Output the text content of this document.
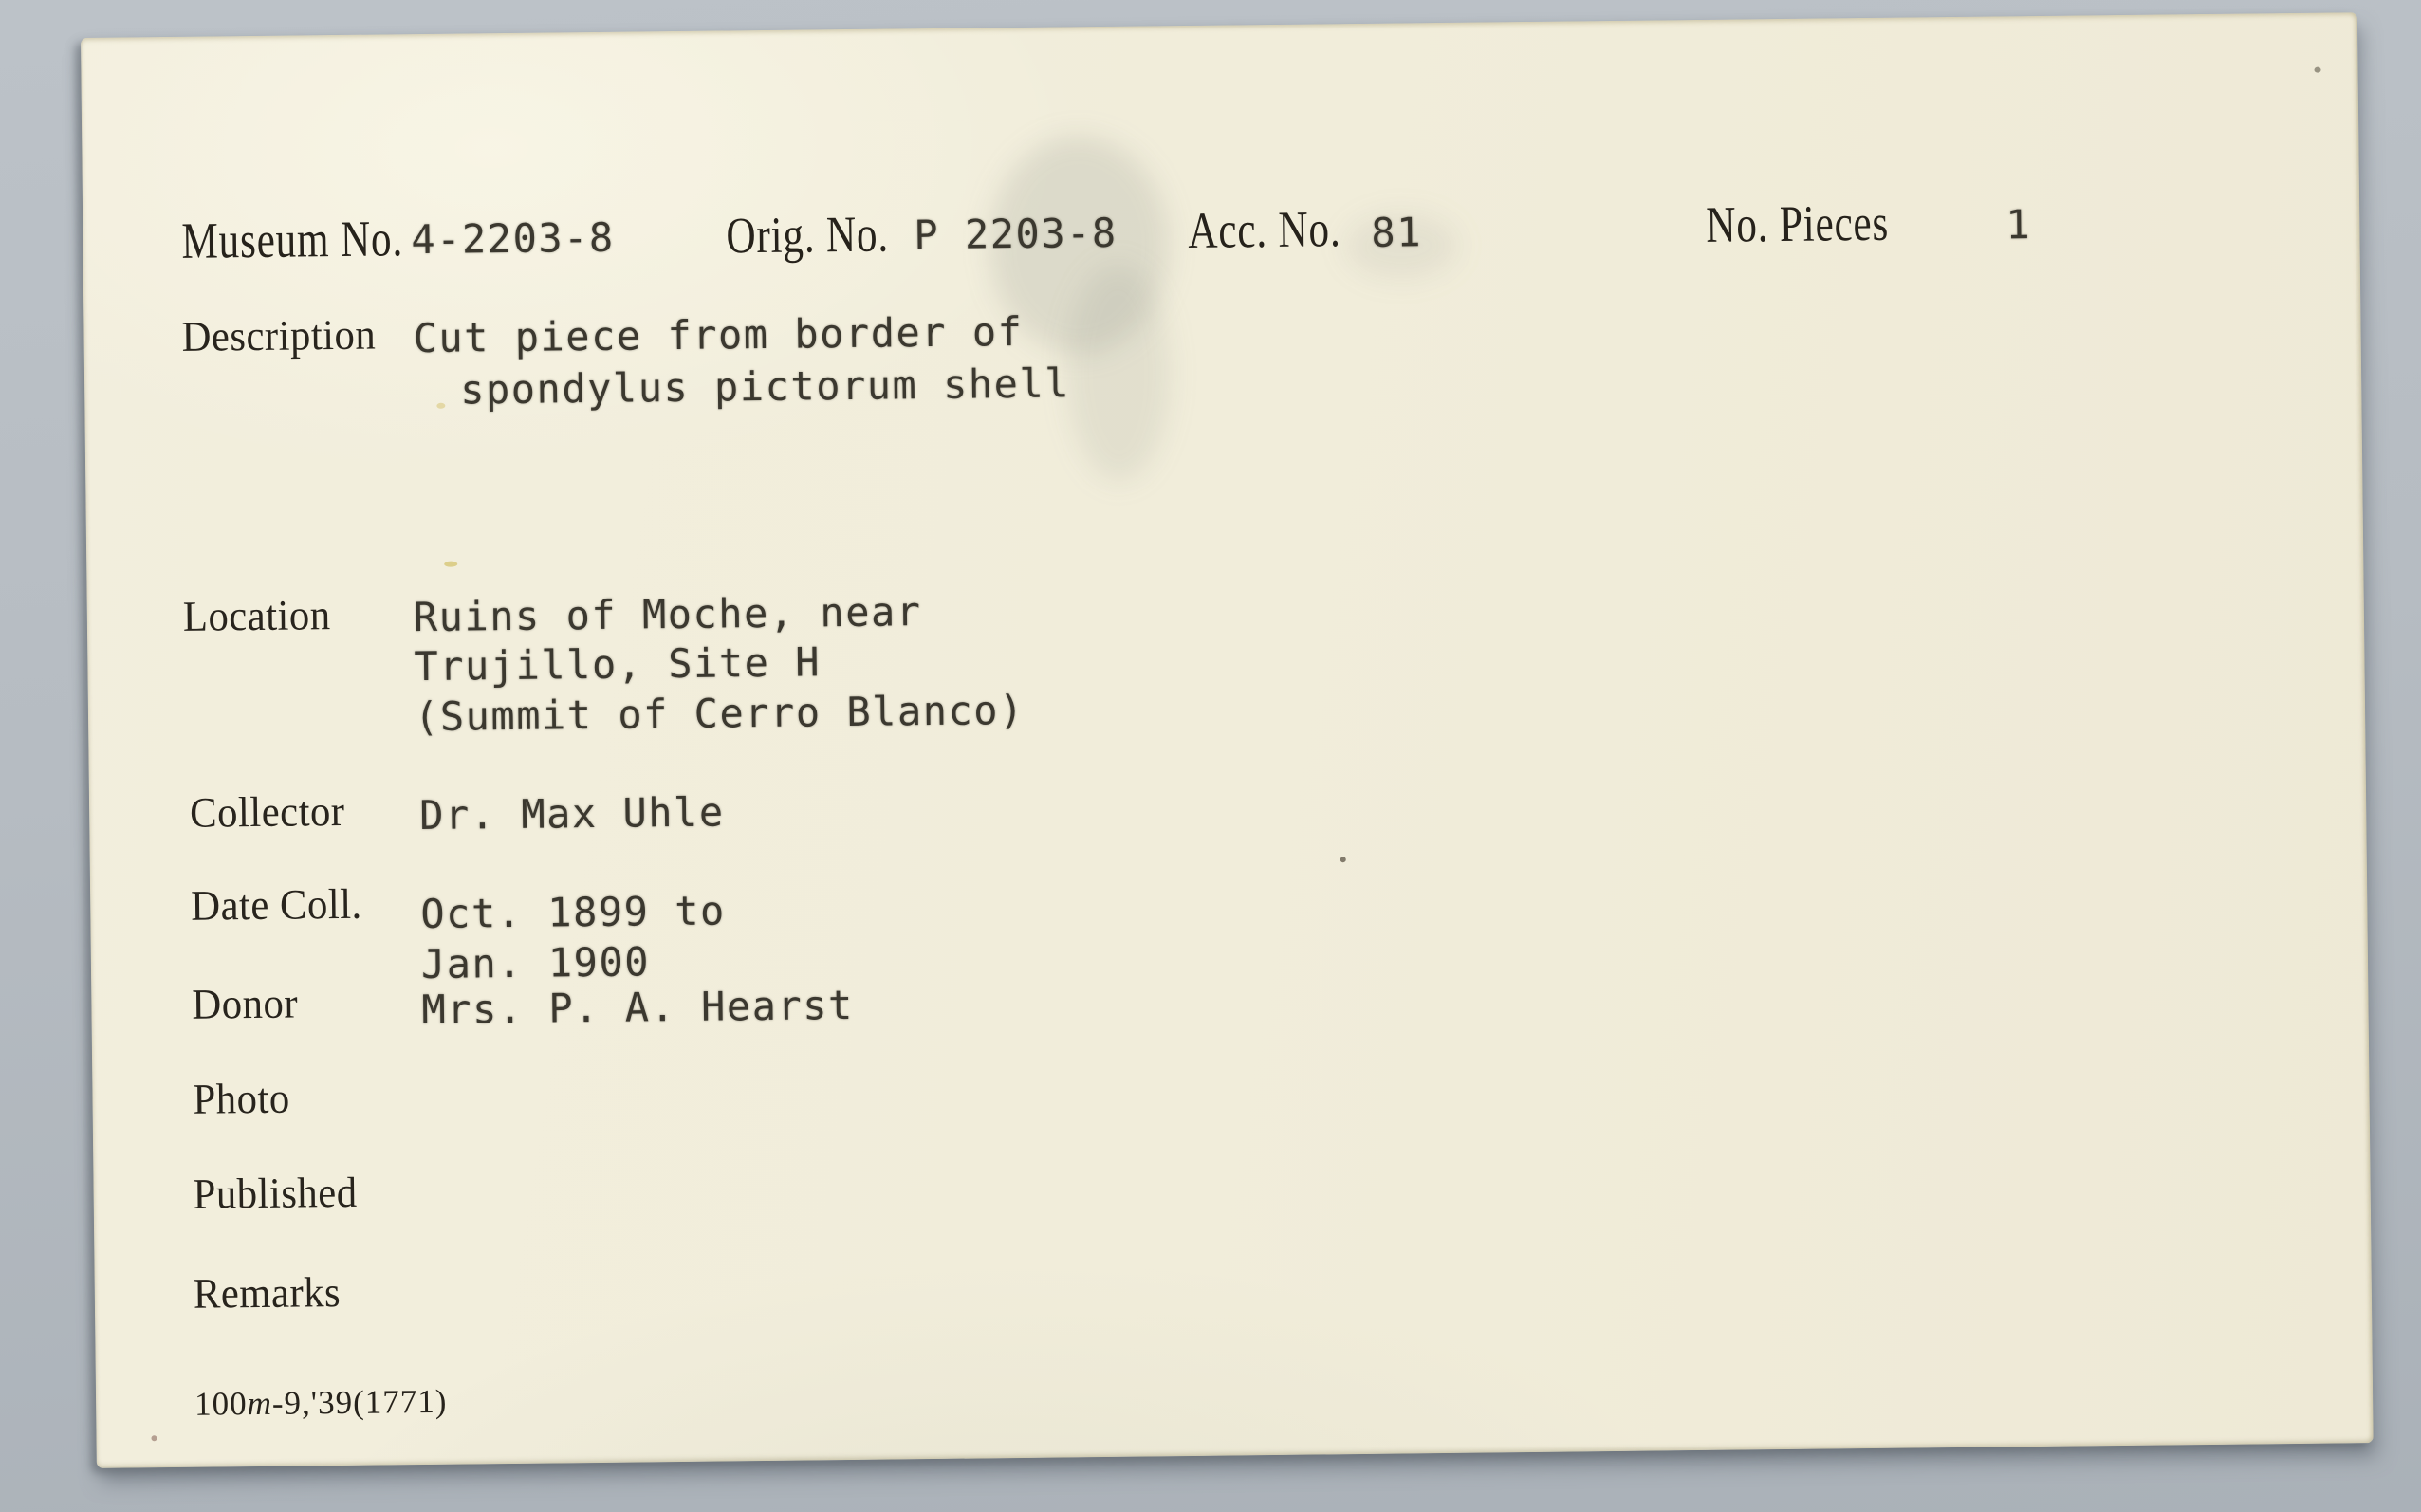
Museum No. 4-2203-8 Orig. No. P 2203-8 Acc. No. 81	No. Pieces	1
Description Cut piece from border of
spondylus pictorum shell
Location Ruins of Moche, near
Trujillo, Site H
(Summit of Cerro Blanco)
Collector Dr. Max Uhle
Date Coll. Oct. 1899 to
Jan. 1900
Donor	Mrs. P. A. Hearst
Photo
Published
Remarks
100m-9,'39(1771)
